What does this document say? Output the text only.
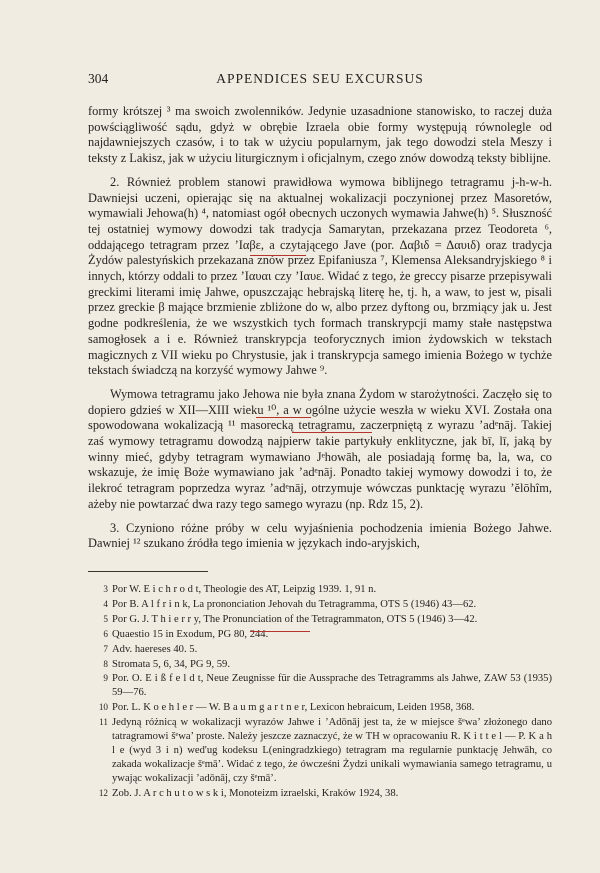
304	APPENDICES SEU EXCURSUS

formy krótszej ³ ma swoich zwolenników. Jedynie uzasadnione stanowisko, to raczej duża powściągliwość sądu, gdyż w obrębie Izraela obie formy występują równolegle od najdawniejszych czasów, i to tak w użyciu popularnym, jak tego dowodzi stela Meszy i teksty z Lakisz, jak w użyciu liturgicznym i oficjalnym, czego znów dowodzą teksty biblijne.

2. Również problem stanowi prawidłowa wymowa biblijnego tetragramu j-h-w-h. Dawniejsi uczeni, opierając się na aktualnej wokalizacji poczynionej przez Masoretów, wymawiali Jehowa(h) ⁴, natomiast ogół obecnych uczonych wymawia Jahwe(h) ⁵. Słuszność tej ostatniej wymowy dowodzi tak tradycja Samarytan, przekazana przez Teodoreta ⁶, oddającego tetragram przez ’Ιαβε, a czytającego Jave (por. Δαβιδ = Δαυιδ) oraz tradycja Żydów palestyńskich przekazana znów przez Epifaniusza ⁷, Klemensa Aleksandryjskiego ⁸ i innych, którzy oddali to przez ’Ιαυαι czy ’Ιαυε. Widać z tego, że greccy pisarze przepisywali greckimi literami imię Jahwe, opuszczając hebrajską literę he, tj. h, a waw, to jest w, pisali przez greckie β mające brzmienie zbliżone do w, albo przez dyftong ou, brzmiący jak u. Jest godne podkreślenia, że we wszystkich tych formach transkrypcji mamy stałe następstwa samogłosek a i e. Również transkrypcja teoforycznych imion żydowskich w tekstach magicznych z VII wieku po Chrystusie, jak i transkrypcja samego imienia Bożego w tychże tekstach świadczą na korzyść wymowy Jahwe ⁹.

Wymowa tetragramu jako Jehowa nie była znana Żydom w starożytności. Zaczęło się to dopiero gdzieś w XII—XIII wieku ¹⁰, a w ogólne użycie weszła w wieku XVI. Została ona spowodowana wokalizacją ¹¹ masorecką tetragramu, zaczerpniętą z wyrazu ’adᵉnāj. Takiej zaś wymowy tetragramu dowodzą najpierw takie partykuły enklityczne, jak bī, lī, jaką by winny mieć, gdyby tetragram wymawiano Jᵉhowāh, ale posiadają formę ba, la, wa, co wskazuje, że imię Boże wymawiano jak ’adᵉnāj. Ponadto takiej wymowy dowodzi i to, że ilekroć tetragram poprzedza wyraz ’adᵉnāj, otrzymuje wówczas punktację wyrazu ’ĕlōhîm, ażeby nie powtarzać dwa razy tego samego wyrazu (np. Rdz 15, 2).

3. Czyniono różne próby w celu wyjaśnienia pochodzenia imienia Bożego Jahwe. Dawniej ¹² szukano źródła tego imienia w językach indo-aryjskich,

3 Por W. E i c h r o d t, Theologie des AT, Leipzig 1939. 1, 91 n.
4 Por B. A l f r i n k, La prononciation Jehovah du Tetragramma, OTS 5 (1946) 43—62.
5 Por G. J. T h i e r r y, The Pronunciation of the Tetragrammaton, OTS 5 (1946) 3—42.
6 Quaestio 15 in Exodum, PG 80, 244.
7 Adv. haereses 40. 5.
8 Stromata 5, 6, 34, PG 9, 59.
9 Por. O. E i ß f e l d t, Neue Zeugnisse für die Aussprache des Tetragramms als Jahwe, ZAW 53 (1935) 59—76.
10 Por. L. K o e h l e r — W. B a u m g a r t n e r, Lexicon hebraicum, Leiden 1958, 368.
11 Jedyną różnicą w wokalizacji wyrazów Jahwe i ’Adōnāj jest ta, że w miejsce šᵉwa’ złożonego dano tatragramowi šᵉwa’ proste. Należy jeszcze zaznaczyć, że w TH w opracowaniu R. K i t t e l — P. K a h l e (wyd 3 i n) wed'ug kodeksu L(eningradzkiego) tetragram ma regularnie punktację Jehwāh, co zakada wokalizacje šᵉmā’. Widać z tego, że ówcześni Żydzi unikali wymawiania samego tetragramu, u ywając wokalizacji ’adōnāj, czy šᵉmā’.
12 Zob. J. A r c h u t o w s k i, Monoteizm izraelski, Kraków 1924, 38.
